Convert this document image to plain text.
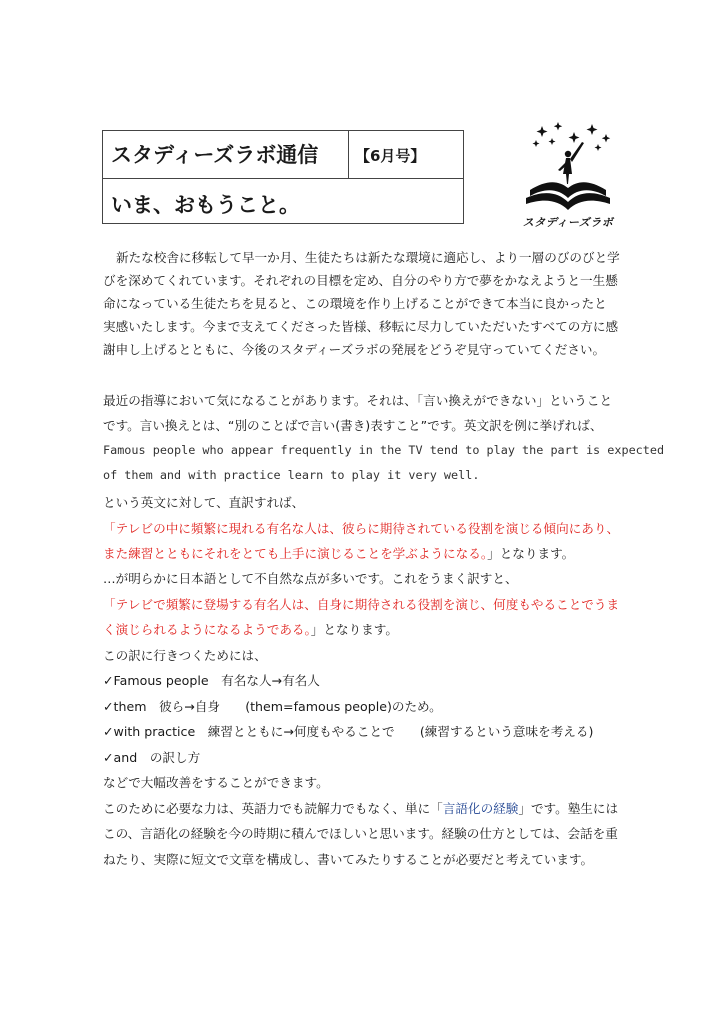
スタディーズラボ通信 【6月号】
いま、おもうこと。
スタディーズラボ
新たな校舎に移転して早一か月、生徒たちは新たな環境に適応し、より一層のびのびと学
びを深めてくれています。それぞれの目標を定め、自分のやり方で夢をかなえようと一生懸
命になっている生徒たちを見ると、この環境を作り上げることができて本当に良かったと
実感いたします。今まで支えてくださった皆様、移転に尽力していただいたすべての方に感
謝申し上げるとともに、今後のスタディーズラボの発展をどうぞ見守っていてください。
最近の指導において気になることがあります。それは、「言い換えができない」ということ
です。言い換えとは、“別のことばで言い(書き)表すこと”です。英文訳を例に挙げれば、
Famous people who appear frequently in the TV tend to play the part is expected
of them and with practice learn to play it very well.
という英文に対して、直訳すれば、
「テレビの中に頻繁に現れる有名な人は、彼らに期待されている役割を演じる傾向にあり、
また練習とともにそれをとても上手に演じることを学ぶようになる。」となります。
…が明らかに日本語として不自然な点が多いです。これをうまく訳すと、
「テレビで頻繁に登場する有名人は、自身に期待される役割を演じ、何度もやることでうま
く演じられるようになるようである。」となります。
この訳に行きつくためには、
✓Famous people　有名な人→有名人
✓them　彼ら→自身　　(them=famous people)のため。
✓with practice　練習とともに→何度もやることで　　(練習するという意味を考える)
✓and　の訳し方
などで大幅改善をすることができます。
このために必要な力は、英語力でも読解力でもなく、単に「言語化の経験」です。塾生には
この、言語化の経験を今の時期に積んでほしいと思います。経験の仕方としては、会話を重
ねたり、実際に短文で文章を構成し、書いてみたりすることが必要だと考えています。
